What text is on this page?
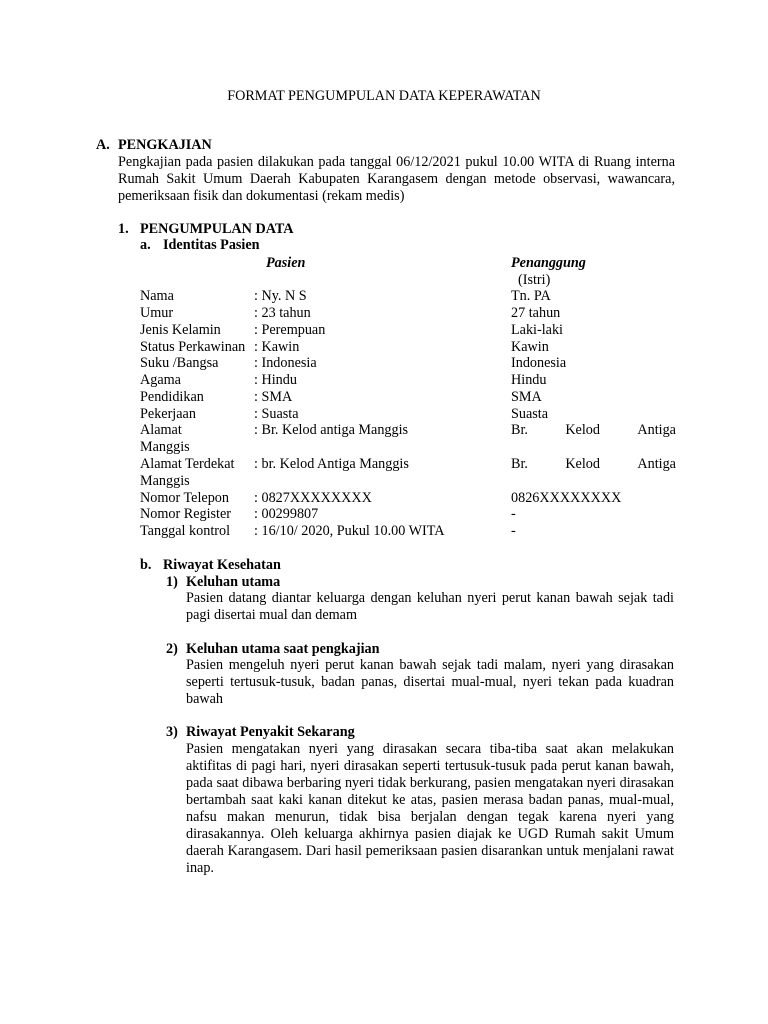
FORMAT PENGUMPULAN DATA KEPERAWATAN
A. PENGKAJIAN
Pengkajian pada pasien dilakukan pada tanggal 06/12/2021 pukul 10.00 WITA di Ruang interna Rumah Sakit Umum Daerah Kabupaten Karangasem dengan metode observasi, wawancara, pemeriksaan fisik dan dokumentasi (rekam medis)
1. PENGUMPULAN DATA
a. Identitas Pasien
Pasien	Penanggung
(Istri)
Nama	: Ny. N S	Tn. PA
Umur	: 23 tahun	27 tahun
Jenis Kelamin : Perempuan	Laki-laki
Status Perkawinan : Kawin	Kawin
Suku /Bangsa	: Indonesia	Indonesia
Agama	: Hindu	Hindu
Pendidikan	: SMA	SMA
Pekerjaan	: Suasta	Suasta
Alamat	: Br. Kelod antiga Manggis	Br.	Kelod	Antiga
Manggis
Alamat Terdekat : br. Kelod Antiga Manggis	Br.	Kelod	Antiga
Manggis
Nomor Telepon : 0827XXXXXXXX	0826XXXXXXXX
Nomor Register : 00299807	-
Tanggal kontrol : 16/10/ 2020, Pukul 10.00 WITA	-
b. Riwayat Kesehatan
1) Keluhan utama
Pasien datang diantar keluarga dengan keluhan nyeri perut kanan bawah sejak tadi pagi disertai mual dan demam
2) Keluhan utama saat pengkajian
Pasien mengeluh nyeri perut kanan bawah sejak tadi malam, nyeri yang dirasakan seperti tertusuk-tusuk, badan panas, disertai mual-mual, nyeri tekan pada kuadran bawah
3) Riwayat Penyakit Sekarang
Pasien mengatakan nyeri yang dirasakan secara tiba-tiba saat akan melakukan aktifitas di pagi hari, nyeri dirasakan seperti tertusuk-tusuk pada perut kanan bawah, pada saat dibawa berbaring nyeri tidak berkurang, pasien mengatakan nyeri dirasakan bertambah saat kaki kanan ditekut ke atas, pasien merasa badan panas, mual-mual, nafsu makan menurun, tidak bisa berjalan dengan tegak karena nyeri yang dirasakannya. Oleh keluarga akhirnya pasien diajak ke UGD Rumah sakit Umum daerah Karangasem. Dari hasil pemeriksaan pasien disarankan untuk menjalani rawat inap.
